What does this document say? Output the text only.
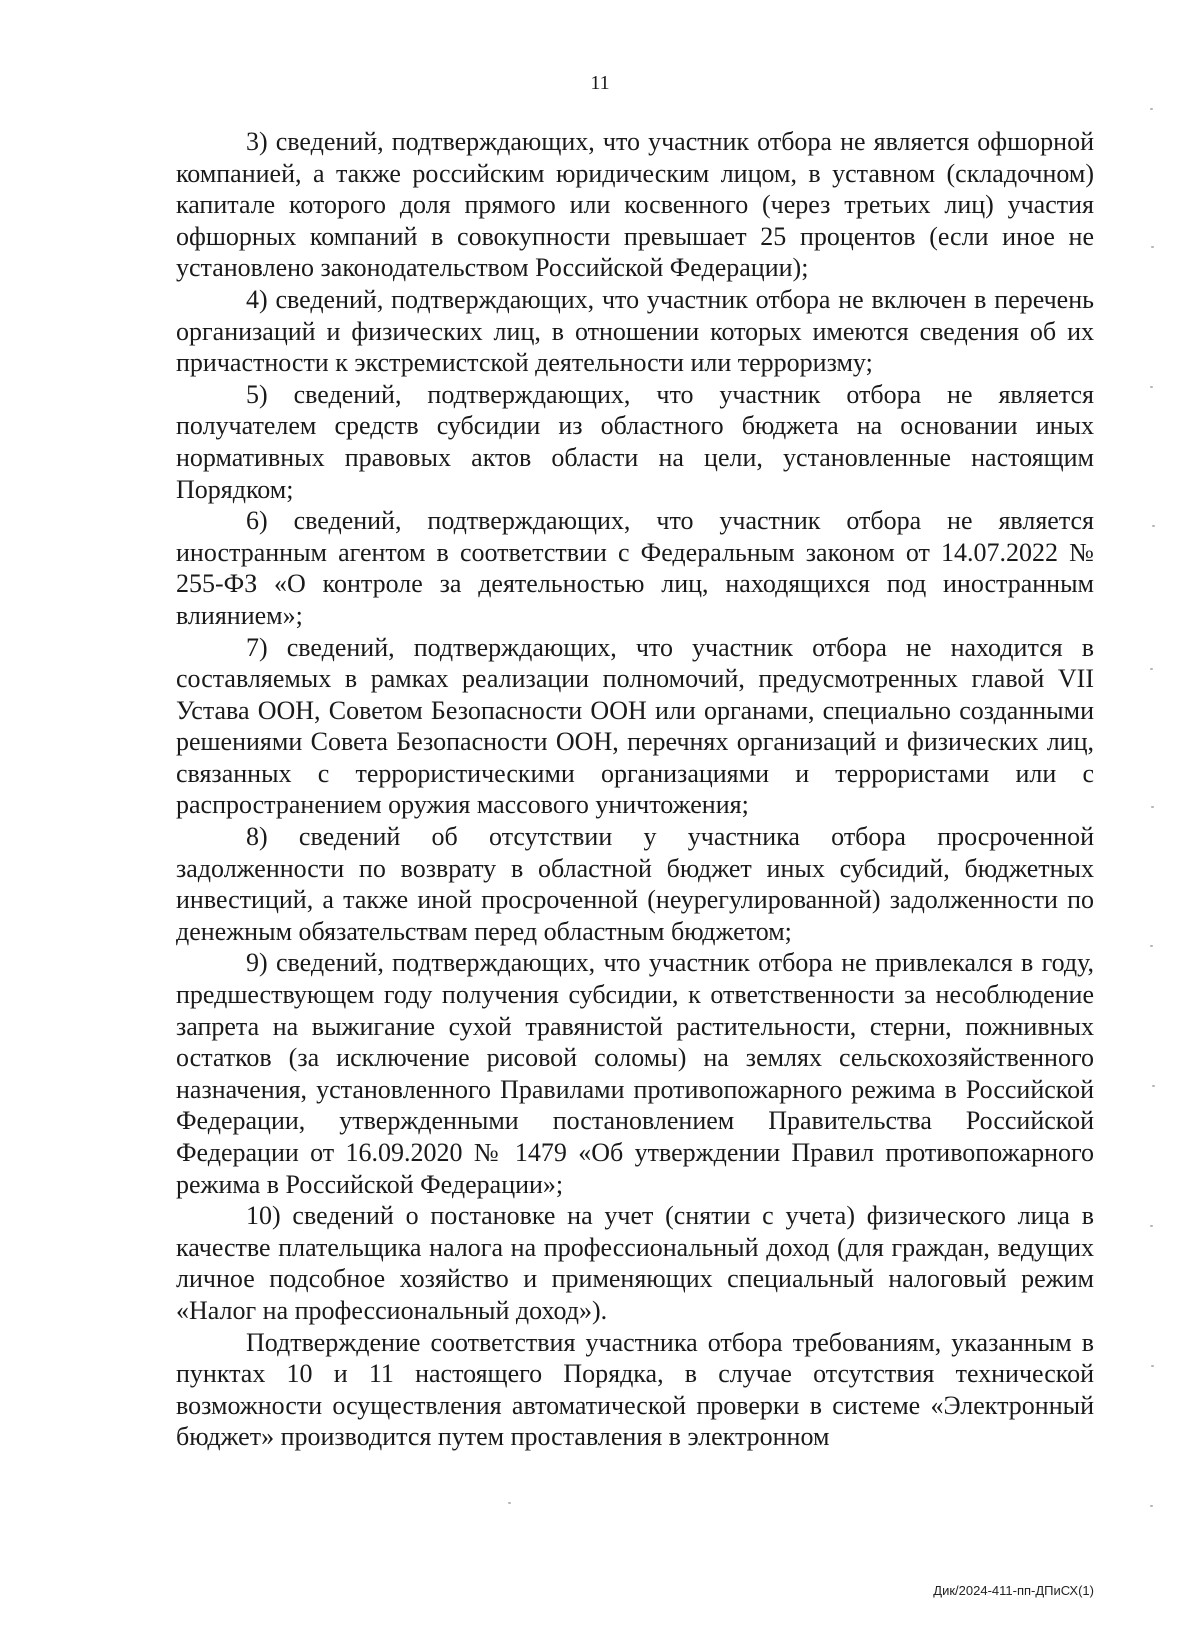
11

3) сведений, подтверждающих, что участник отбора не является офшорной компанией, а также российским юридическим лицом, в уставном (складочном) капитале которого доля прямого или косвенного (через третьих лиц) участия офшорных компаний в совокупности превышает 25 процентов (если иное не установлено законодательством Российской Федерации);

4) сведений, подтверждающих, что участник отбора не включен в перечень организаций и физических лиц, в отношении которых имеются сведения об их причастности к экстремистской деятельности или терроризму;

5) сведений, подтверждающих, что участник отбора не является получателем средств субсидии из областного бюджета на основании иных нормативных правовых актов области на цели, установленные настоящим Порядком;

6) сведений, подтверждающих, что участник отбора не является иностранным агентом в соответствии с Федеральным законом от 14.07.2022 № 255-ФЗ «О контроле за деятельностью лиц, находящихся под иностранным влиянием»;

7) сведений, подтверждающих, что участник отбора не находится в составляемых в рамках реализации полномочий, предусмотренных главой VII Устава ООН, Советом Безопасности ООН или органами, специально созданными решениями Совета Безопасности ООН, перечнях организаций и физических лиц, связанных с террористическими организациями и террористами или с распространением оружия массового уничтожения;

8) сведений об отсутствии у участника отбора просроченной задолженности по возврату в областной бюджет иных субсидий, бюджетных инвестиций, а также иной просроченной (неурегулированной) задолженности по денежным обязательствам перед областным бюджетом;

9) сведений, подтверждающих, что участник отбора не привлекался в году, предшествующем году получения субсидии, к ответственности за несоблюдение запрета на выжигание сухой травянистой растительности, стерни, пожнивных остатков (за исключение рисовой соломы) на землях сельскохозяйственного назначения, установленного Правилами противопожарного режима в Российской Федерации, утвержденными постановлением Правительства Российской Федерации от 16.09.2020 № 1479 «Об утверждении Правил противопожарного режима в Российской Федерации»;

10) сведений о постановке на учет (снятии с учета) физического лица в качестве плательщика налога на профессиональный доход (для граждан, ведущих личное подсобное хозяйство и применяющих специальный налоговый режим «Налог на профессиональный доход»).

Подтверждение соответствия участника отбора требованиям, указанным в пунктах 10 и 11 настоящего Порядка, в случае отсутствия технической возможности осуществления автоматической проверки в системе «Электронный бюджет» производится путем проставления в электронном

Дик/2024-411-пп-ДПиСХ(1)
